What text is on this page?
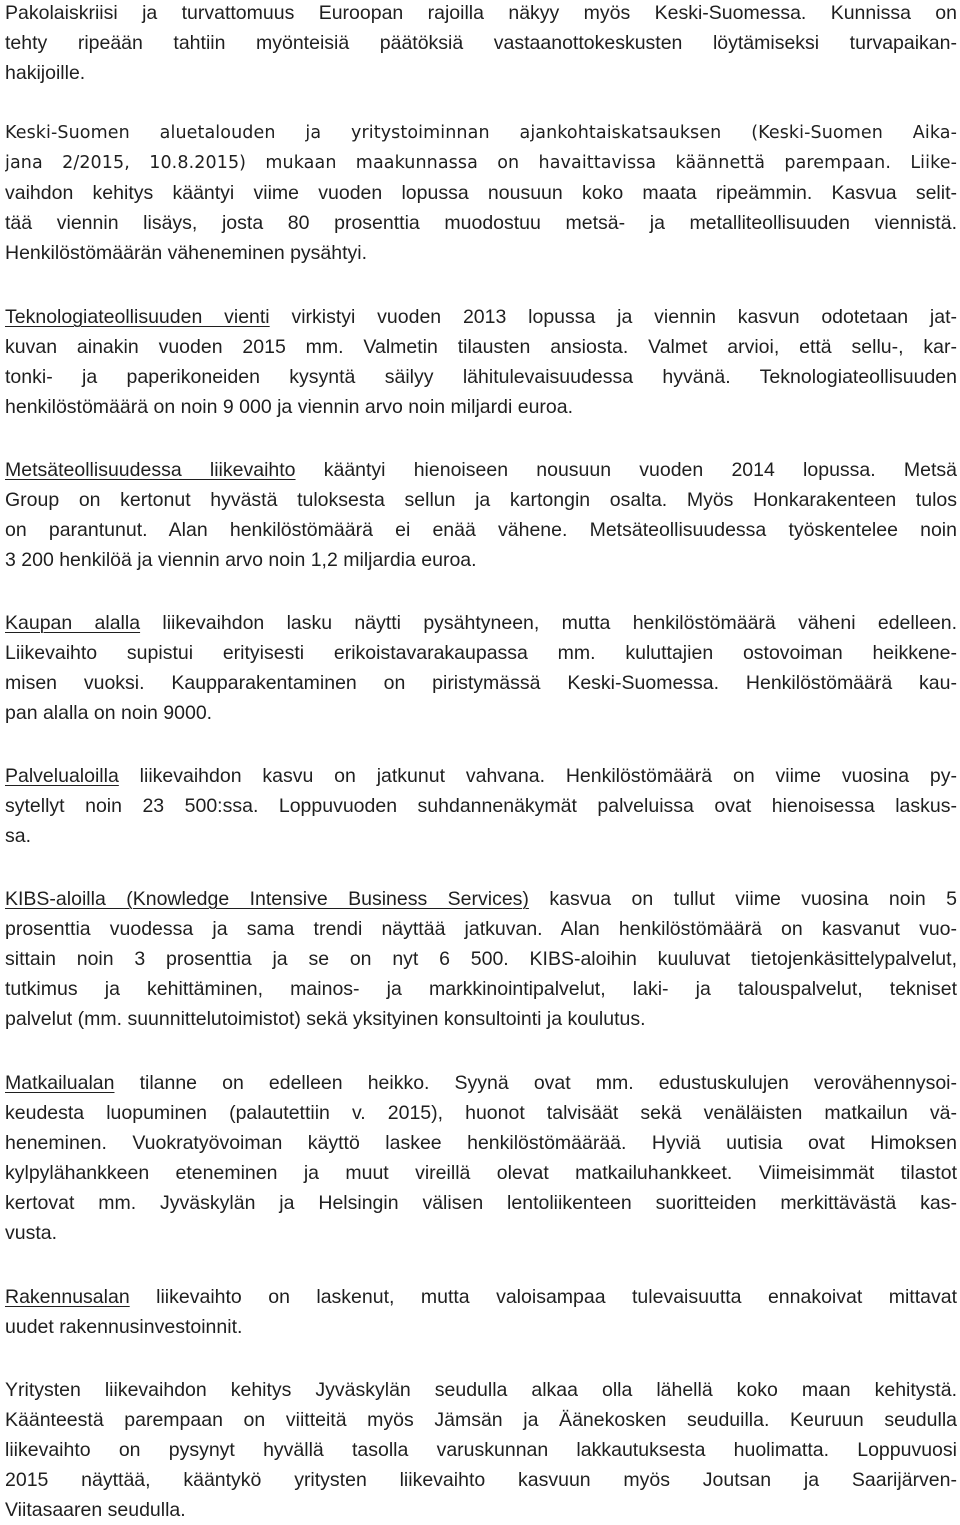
Pakolaiskriisi ja turvattomuus Euroopan rajoilla näkyy myös Keski-Suomessa. Kunnissa on
tehty ripeään tahtiin myönteisiä päätöksiä vastaanottokeskusten löytämiseksi turvapaikan-
hakijoille.
Keski-Suomen aluetalouden ja yritystoiminnan ajankohtaiskatsauksen (Keski-Suomen Aika-
jana 2/2015, 10.8.2015) mukaan maakunnassa on havaittavissa käännettä parempaan. Liike-
vaihdon kehitys kääntyi viime vuoden lopussa nousuun koko maata ripeämmin. Kasvua selit-
tää viennin lisäys, josta 80 prosenttia muodostuu metsä- ja metalliteollisuuden viennistä.
Henkilöstömäärän väheneminen pysähtyi.
Teknologiateollisuuden vienti virkistyi vuoden 2013 lopussa ja viennin kasvun odotetaan jat-
kuvan ainakin vuoden 2015 mm. Valmetin tilausten ansiosta. Valmet arvioi, että sellu-, kar-
tonki- ja paperikoneiden kysyntä säilyy lähitulevaisuudessa hyvänä. Teknologiateollisuuden
henkilöstömäärä on noin 9 000 ja viennin arvo noin miljardi euroa.
Metsäteollisuudessa liikevaihto kääntyi hienoiseen nousuun vuoden 2014 lopussa. Metsä
Group on kertonut hyvästä tuloksesta sellun ja kartongin osalta. Myös Honkarakenteen tulos
on parantunut. Alan henkilöstömäärä ei enää vähene. Metsäteollisuudessa työskentelee noin
3 200 henkilöä ja viennin arvo noin 1,2 miljardia euroa.
Kaupan alalla liikevaihdon lasku näytti pysähtyneen, mutta henkilöstömäärä väheni edelleen.
Liikevaihto supistui erityisesti erikoistavarakaupassa mm. kuluttajien ostovoiman heikkene-
misen vuoksi. Kaupparakentaminen on piristymässä Keski-Suomessa. Henkilöstömäärä kau-
pan alalla on noin 9000.
Palvelualoilla liikevaihdon kasvu on jatkunut vahvana. Henkilöstömäärä on viime vuosina py-
sytellyt noin 23 500:ssa. Loppuvuoden suhdannenäkymät palveluissa ovat hienoisessa laskus-
sa.
KIBS-aloilla (Knowledge Intensive Business Services) kasvua on tullut viime vuosina noin 5
prosenttia vuodessa ja sama trendi näyttää jatkuvan. Alan henkilöstömäärä on kasvanut vuo-
sittain noin 3 prosenttia ja se on nyt 6 500. KIBS-aloihin kuuluvat tietojenkäsittelypalvelut,
tutkimus ja kehittäminen, mainos- ja markkinointipalvelut, laki- ja talouspalvelut, tekniset
palvelut (mm. suunnittelutoimistot) sekä yksityinen konsultointi ja koulutus.
Matkailualan tilanne on edelleen heikko. Syynä ovat mm. edustuskulujen verovähennysoi-
keudesta luopuminen (palautettiin v. 2015), huonot talvisäät sekä venäläisten matkailun vä-
heneminen. Vuokratyövoiman käyttö laskee henkilöstömäärää. Hyviä uutisia ovat Himoksen
kylpylähankkeen eteneminen ja muut vireillä olevat matkailuhankkeet. Viimeisimmät tilastot
kertovat mm. Jyväskylän ja Helsingin välisen lentoliikenteen suoritteiden merkittävästä kas-
vusta.
Rakennusalan liikevaihto on laskenut, mutta valoisampaa tulevaisuutta ennakoivat mittavat
uudet rakennusinvestoinnit.
Yritysten liikevaihdon kehitys Jyväskylän seudulla alkaa olla lähellä koko maan kehitystä.
Käänteestä parempaan on viitteitä myös Jämsän ja Äänekosken seuduilla. Keuruun seudulla
liikevaihto on pysynyt hyvällä tasolla varuskunnan lakkautuksesta huolimatta. Loppuvuosi
2015 näyttää, kääntykö yritysten liikevaihto kasvuun myös Joutsan ja Saarijärven-
Viitasaaren seudulla.
